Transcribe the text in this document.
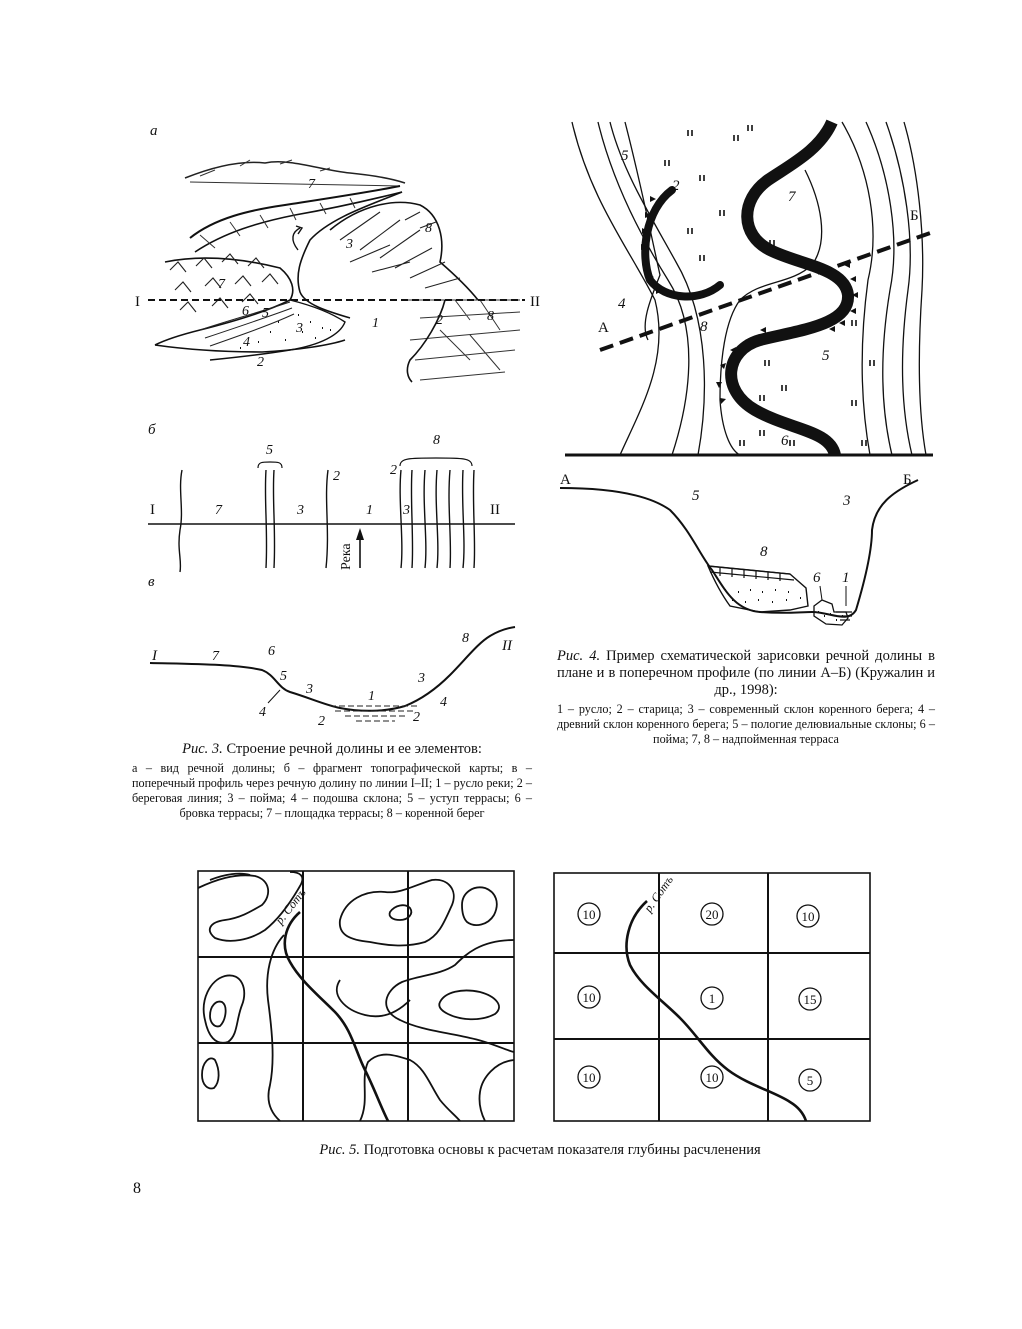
а
I	II
7
8
3
7
6 5
4
3	1
2
2	8
б
I	II
7
5
3
2
1
8
2
3
Река
в
I
II
7	6
5
3	1
3
8
4
2	2
4
Рис. 3. Строение речной долины и ее элементов:
а – вид речной долины; б – фрагмент топографической карты; в – поперечный профиль через речную долину по линии I–II; 1 – русло реки; 2 – береговая линия; 3 – пойма; 4 – подошва склона; 5 – уступ террасы; 6 – бровка террасы; 7 – площадка террасы; 8 – коренной берег
А
Б
5
2
7
4
8
5
6
А	Б
5	3
8
6 1
Рис. 4. Пример схематической зарисовки речной долины в плане и в поперечном профиле (по линии А–Б) (Кружалин и др., 1998):
1 – русло; 2 – старица; 3 – современный склон коренного берега; 4 – древний склон коренного берега; 5 – пологие делювиальные склоны; 6 – пойма; 7, 8 – надпойменная терраса
р. Сотъ	р. Сотъ
10	20	10
10	1	15
10	10	5
Рис. 5. Подготовка основы к расчетам показателя глубины расчленения
8
